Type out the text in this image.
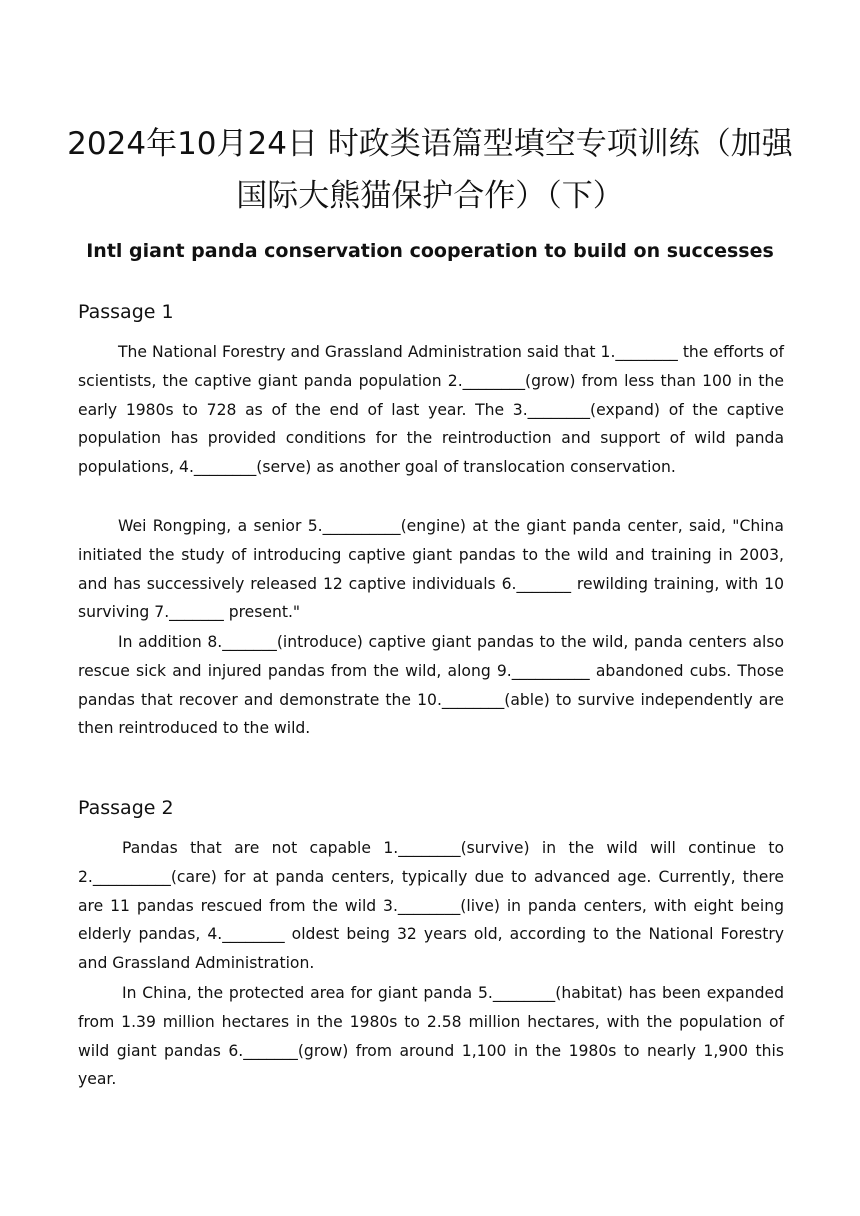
2024年10月24日 时政类语篇型填空专项训练（加强国际大熊猫保护合作）（下）
Intl giant panda conservation cooperation to build on successes
Passage 1

The National Forestry and Grassland Administration said that 1.________ the efforts of scientists, the captive giant panda population 2.________(grow) from less than 100 in the early 1980s to 728 as of the end of last year. The 3.________(expand) of the captive population has provided conditions for the reintroduction and support of wild panda populations, 4.________(serve) as another goal of translocation conservation.

Wei Rongping, a senior 5.__________(engine) at the giant panda center, said, "China initiated the study of introducing captive giant pandas to the wild and training in 2003, and has successively released 12 captive individuals 6._______ rewilding training, with 10 surviving 7._______ present."

In addition 8._______(introduce) captive giant pandas to the wild, panda centers also rescue sick and injured pandas from the wild, along 9.__________ abandoned cubs. Those pandas that recover and demonstrate the 10.________(able) to survive independently are then reintroduced to the wild.

Passage 2

Pandas that are not capable 1.________(survive) in the wild will continue to 2.__________(care) for at panda centers, typically due to advanced age. Currently, there are 11 pandas rescued from the wild 3.________(live) in panda centers, with eight being elderly pandas, 4.________ oldest being 32 years old, according to the National Forestry and Grassland Administration.

In China, the protected area for giant panda 5.________(habitat) has been expanded from 1.39 million hectares in the 1980s to 2.58 million hectares, with the population of wild giant pandas 6._______(grow) from around 1,100 in the 1980s to nearly 1,900 this year.
